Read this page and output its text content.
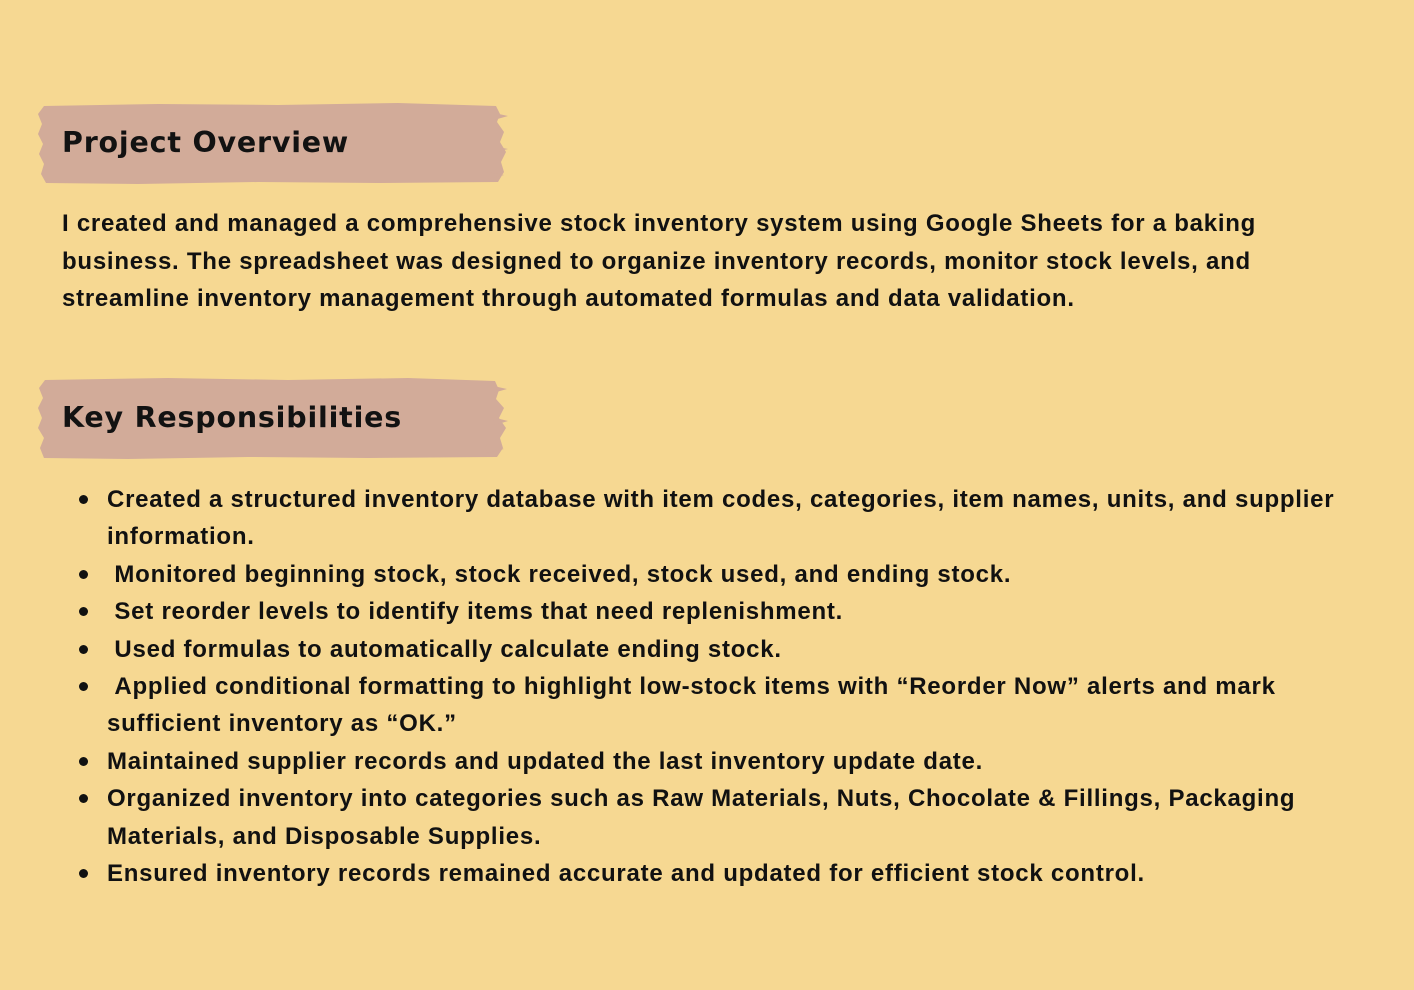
Project Overview

I created and managed a comprehensive stock inventory system using Google Sheets for a baking business. The spreadsheet was designed to organize inventory records, monitor stock levels, and streamline inventory management through automated formulas and data validation.

Key Responsibilities
Created a structured inventory database with item codes, categories, item names, units, and supplier information.
Monitored beginning stock, stock received, stock used, and ending stock.
Set reorder levels to identify items that need replenishment.
Used formulas to automatically calculate ending stock.
Applied conditional formatting to highlight low-stock items with “Reorder Now” alerts and mark sufficient inventory as “OK.”
Maintained supplier records and updated the last inventory update date.
Organized inventory into categories such as Raw Materials, Nuts, Chocolate & Fillings, Packaging Materials, and Disposable Supplies.
Ensured inventory records remained accurate and updated for efficient stock control.
